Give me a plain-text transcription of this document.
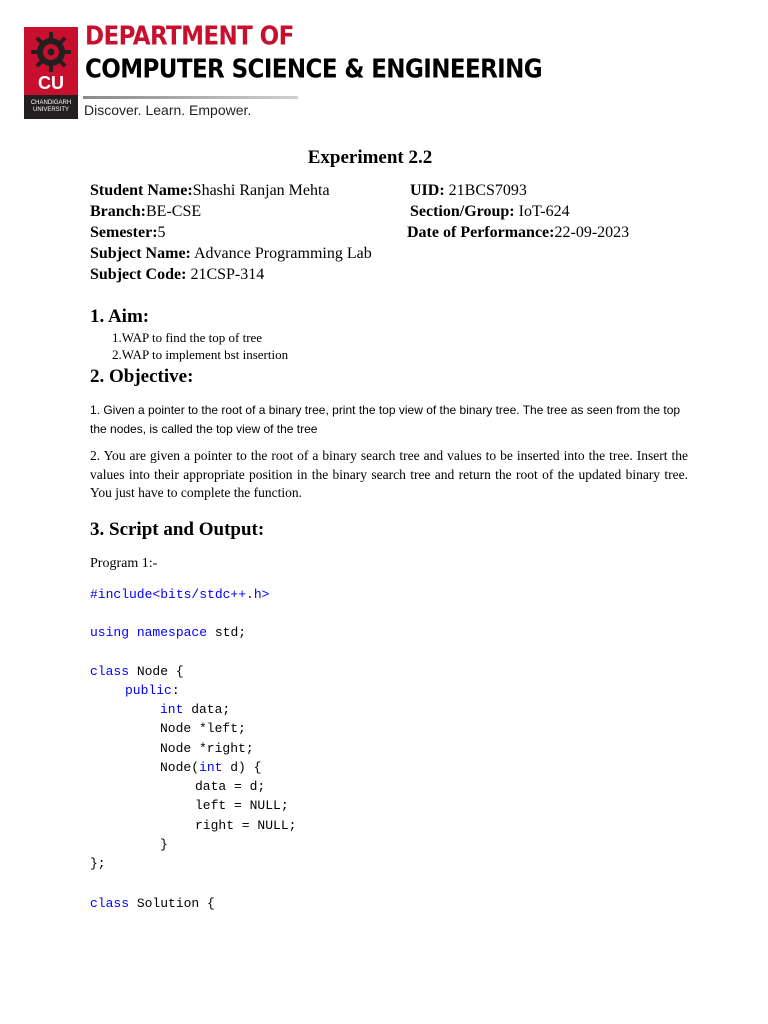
CU
CHANDIGARH
UNIVERSITY
DEPARTMENT OF
COMPUTER SCIENCE & ENGINEERING
Discover. Learn. Empower.
Experiment 2.2
Student Name:Shashi Ranjan Mehta	UID: 21BCS7093
Branch:BE-CSE	Section/Group: IoT-624
Semester:5	Date of Performance:22-09-2023
Subject Name: Advance Programming Lab
Subject Code: 21CSP-314
1. Aim:
1.WAP to find the top of tree
2.WAP to implement bst insertion
2. Objective:
1. Given a pointer to the root of a binary tree, print the top view of the binary tree. The tree as seen from the top the nodes, is called the top view of the tree
2. You are given a pointer to the root of a binary search tree and values to be inserted into the tree. Insert the values into their appropriate position in the binary search tree and return the root of the updated binary tree. You just have to complete the function.
3. Script and Output:
Program 1:-
#include<bits/stdc++.h>
using namespace std;
class Node {
public:
int data;
Node *left;
Node *right;
Node(int d) {
data = d;
left = NULL;
right = NULL;
}
};
class Solution {
